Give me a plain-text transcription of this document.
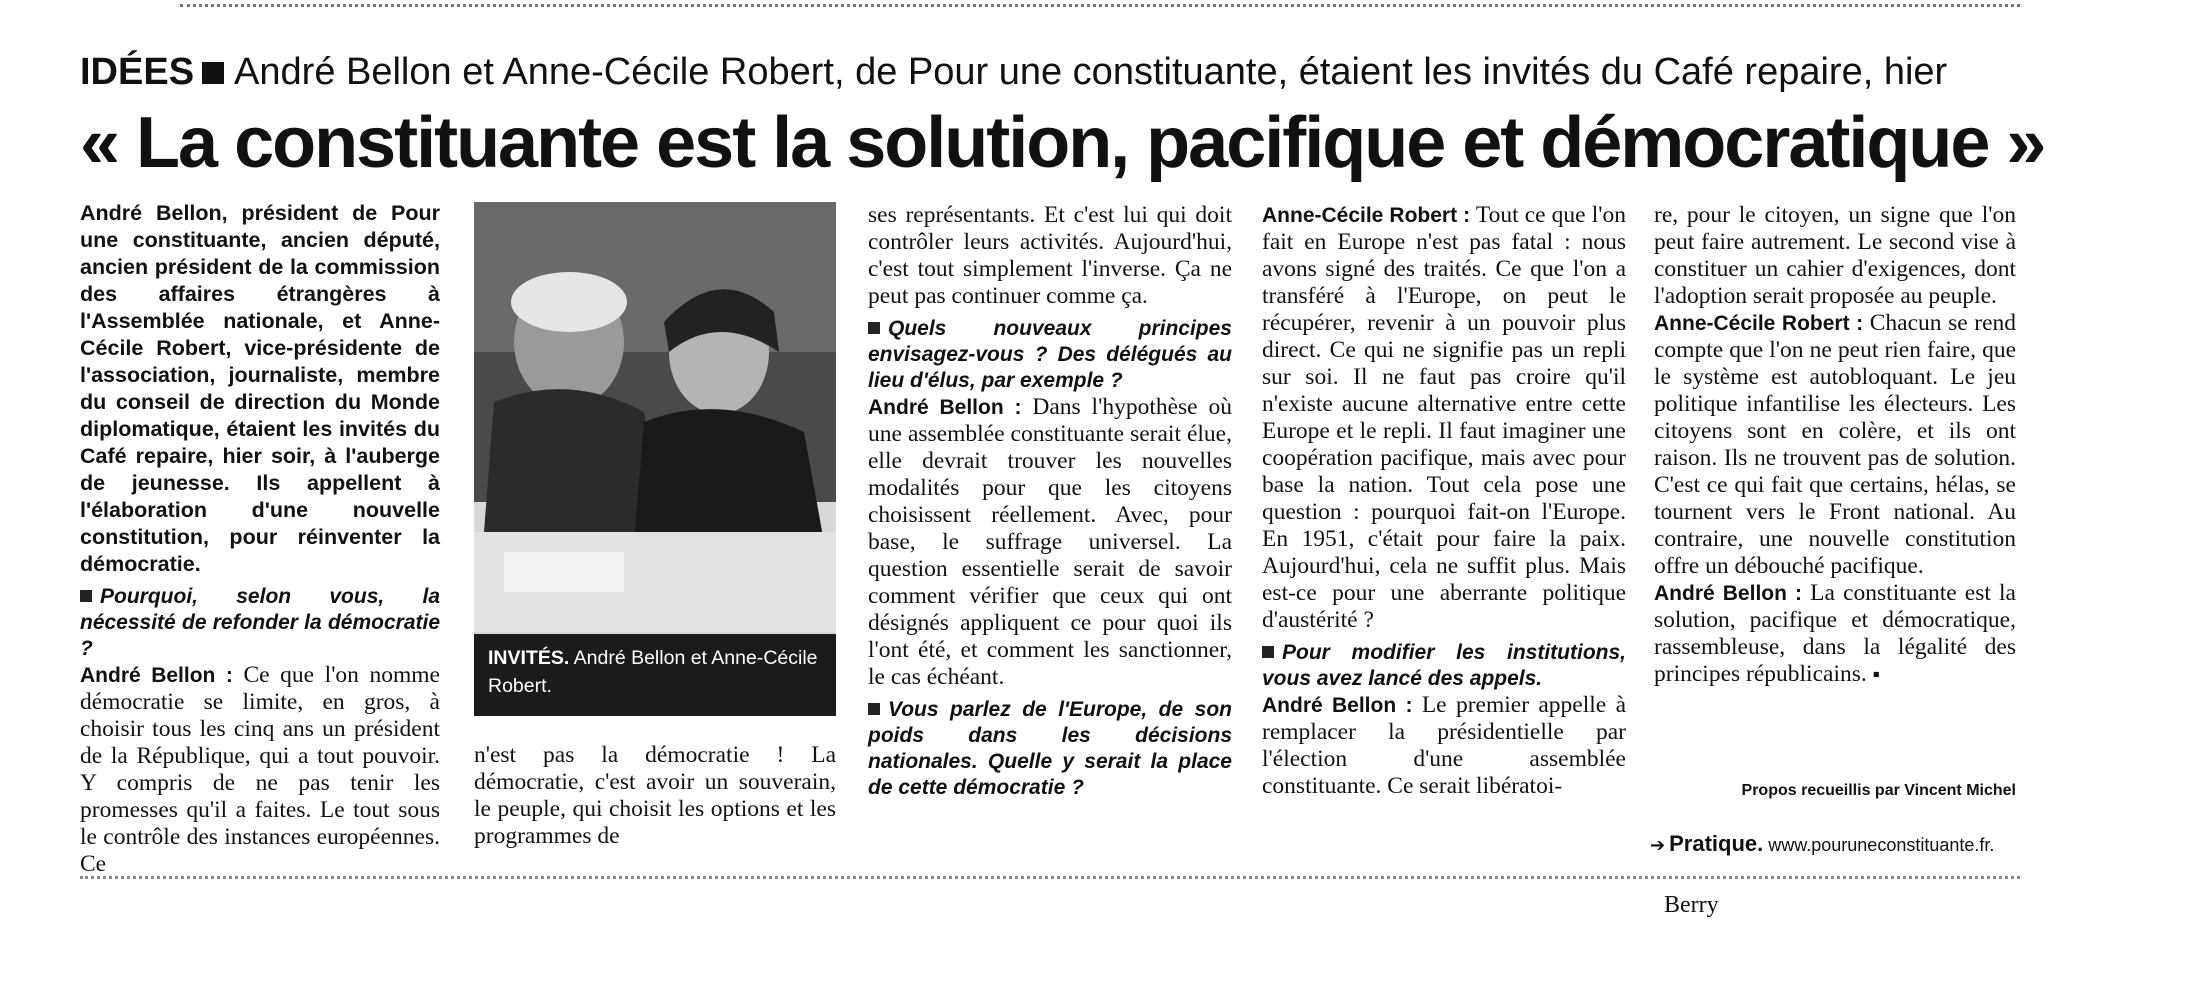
IDÉES André Bellon et Anne-Cécile Robert, de Pour une constituante, étaient les invités du Café repaire, hier
« La constituante est la solution, pacifique et démocratique »

André Bellon, président de Pour une constituante, ancien député, ancien président de la commission des affaires étrangères à l'Assemblée nationale, et Anne-Cécile Robert, vice-présidente de l'association, journaliste, membre du conseil de direction du Monde diplomatique, étaient les invités du Café repaire, hier soir, à l'auberge de jeunesse. Ils appellent à l'élaboration d'une nouvelle constitution, pour réinventer la démocratie.

Pourquoi, selon vous, la nécessité de refonder la démocratie ?

André Bellon : Ce que l'on nomme démocratie se limite, en gros, à choisir tous les cinq ans un président de la République, qui a tout pouvoir. Y compris de ne pas tenir les promesses qu'il a faites. Le tout sous le contrôle des instances européennes. Ce

INVITÉS. André Bellon et Anne-Cécile Robert.

n'est pas la démocratie ! La démocratie, c'est avoir un souverain, le peuple, qui choisit les options et les programmes de

ses représentants. Et c'est lui qui doit contrôler leurs activités. Aujourd'hui, c'est tout simplement l'inverse. Ça ne peut pas continuer comme ça.

Quels nouveaux principes envisagez-vous ? Des délégués au lieu d'élus, par exemple ?

André Bellon : Dans l'hypothèse où une assemblée constituante serait élue, elle devrait trouver les nouvelles modalités pour que les citoyens choisissent réellement. Avec, pour base, le suffrage universel. La question essentielle serait de savoir comment vérifier que ceux qui ont désignés appliquent ce pour quoi ils l'ont été, et comment les sanctionner, le cas échéant.

Vous parlez de l'Europe, de son poids dans les décisions nationales. Quelle y serait la place de cette démocratie ?

Anne-Cécile Robert : Tout ce que l'on fait en Europe n'est pas fatal : nous avons signé des traités. Ce que l'on a transféré à l'Europe, on peut le récupérer, revenir à un pouvoir plus direct. Ce qui ne signifie pas un repli sur soi. Il ne faut pas croire qu'il n'existe aucune alternative entre cette Europe et le repli. Il faut imaginer une coopération pacifique, mais avec pour base la nation. Tout cela pose une question : pourquoi fait-on l'Europe. En 1951, c'était pour faire la paix. Aujourd'hui, cela ne suffit plus. Mais est-ce pour une aberrante politique d'austérité ?

Pour modifier les institutions, vous avez lancé des appels.

André Bellon : Le premier appelle à remplacer la présidentielle par l'élection d'une assemblée constituante. Ce serait libératoi-

re, pour le citoyen, un signe que l'on peut faire autrement. Le second vise à constituer un cahier d'exigences, dont l'adoption serait proposée au peuple.

Anne-Cécile Robert : Chacun se rend compte que l'on ne peut rien faire, que le système est autobloquant. Le jeu politique infantilise les électeurs. Les citoyens sont en colère, et ils ont raison. Ils ne trouvent pas de solution. C'est ce qui fait que certains, hélas, se tournent vers le Front national. Au contraire, une nouvelle constitution offre un débouché pacifique.

André Bellon : La constituante est la solution, pacifique et démocratique, rassembleuse, dans la légalité des principes républicains. ▪

Propos recueillis par Vincent Michel
➔ Pratique. www.pouruneconstituante.fr.
Berry
